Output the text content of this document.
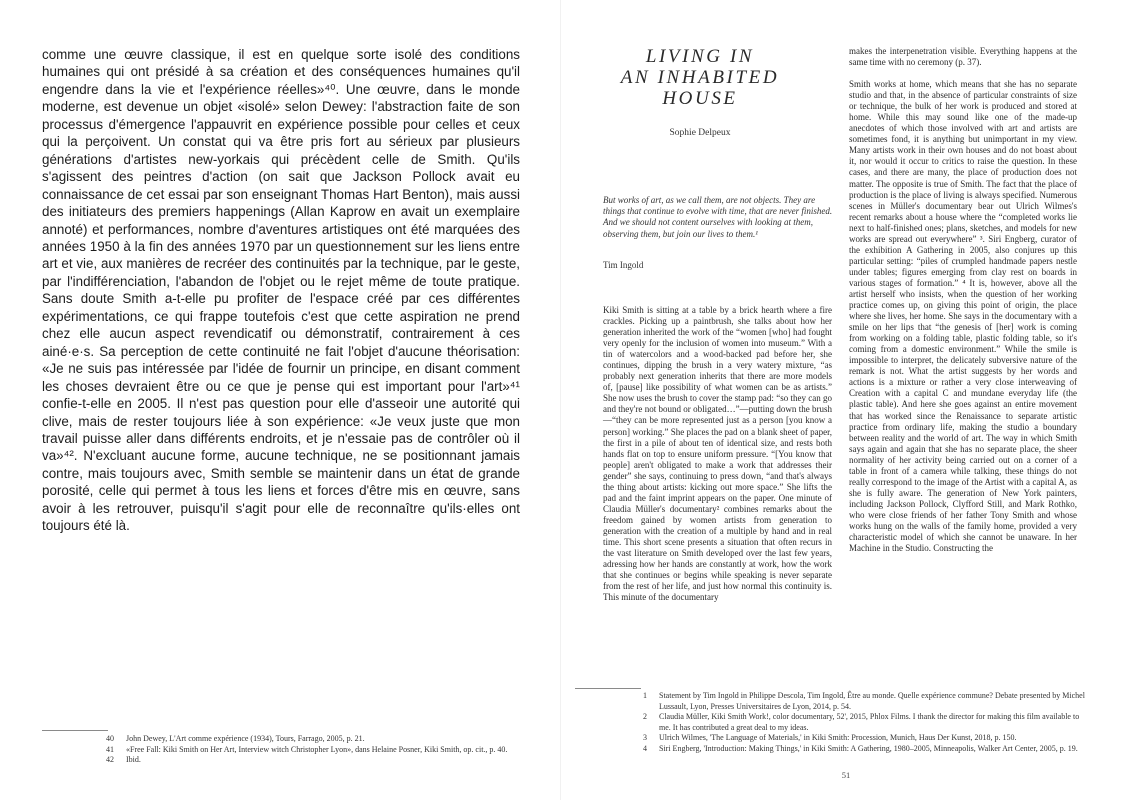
comme une œuvre classique, il est en quelque sorte isolé des conditions humaines qui ont présidé à sa création et des conséquences humaines qu'il engendre dans la vie et l'expérience réelles»⁴⁰. Une œuvre, dans le monde moderne, est devenue un objet «isolé» selon Dewey: l'abstraction faite de son processus d'émergence l'appauvrit en expérience possible pour celles et ceux qui la perçoivent. Un constat qui va être pris fort au sérieux par plusieurs générations d'artistes new-yorkais qui précèdent celle de Smith. Qu'ils s'agissent des peintres d'action (on sait que Jackson Pollock avait eu connaissance de cet essai par son enseignant Thomas Hart Benton), mais aussi des initiateurs des premiers happenings (Allan Kaprow en avait un exemplaire annoté) et performances, nombre d'aventures artistiques ont été marquées des années 1950 à la fin des années 1970 par un questionnement sur les liens entre art et vie, aux manières de recréer des continuités par la technique, par le geste, par l'indifférenciation, l'abandon de l'objet ou le rejet même de toute pratique. Sans doute Smith a-t-elle pu profiter de l'espace créé par ces différentes expérimentations, ce qui frappe toutefois c'est que cette aspiration ne prend chez elle aucun aspect revendicatif ou démonstratif, contrairement à ces ainé·e·s. Sa perception de cette continuité ne fait l'objet d'aucune théorisation: «Je ne suis pas intéressée par l'idée de fournir un principe, en disant comment les choses devraient être ou ce que je pense qui est important pour l'art»⁴¹ confie-t-elle en 2005. Il n'est pas question pour elle d'asseoir une autorité qui clive, mais de rester toujours liée à son expérience: «Je veux juste que mon travail puisse aller dans différents endroits, et je n'essaie pas de contrôler où il va»⁴². N'excluant aucune forme, aucune technique, ne se positionnant jamais contre, mais toujours avec, Smith semble se maintenir dans un état de grande porosité, celle qui permet à tous les liens et forces d'être mis en œuvre, sans avoir à les retrouver, puisqu'il s'agit pour elle de reconnaître qu'ils·elles ont toujours été là.

40	John Dewey, L'Art comme expérience (1934), Tours, Farrago, 2005, p. 21.
41	«Free Fall: Kiki Smith on Her Art, Interview witch Christopher Lyon», dans Helaine Posner, Kiki Smith, op. cit., p. 40.
42	Ibid.
LIVING IN
AN INHABITED
HOUSE
Sophie Delpeux
But works of art, as we call them, are not objects. They are things that continue to evolve with time, that are never finished. And we should not content ourselves with looking at them, observing them, but join our lives to them.¹
Tim Ingold

Kiki Smith is sitting at a table by a brick hearth where a fire crackles. Picking up a paintbrush, she talks about how her generation inherited the work of the “women [who] had fought very openly for the inclusion of women into museum.” With a tin of watercolors and a wood-backed pad before her, she continues, dipping the brush in a very watery mixture, “as probably next generation inherits that there are more models of, [pause] like possibility of what women can be as artists.” She now uses the brush to cover the stamp pad: “so they can go and they're not bound or obligated…”—putting down the brush—“they can be more represented just as a person [you know a person] working.” She places the pad on a blank sheet of paper, the first in a pile of about ten of identical size, and rests both hands flat on top to ensure uniform pressure. “[You know that people] aren't obligated to make a work that addresses their gender” she says, continuing to press down, “and that's always the thing about artists: kicking out more space.” She lifts the pad and the faint imprint appears on the paper. One minute of Claudia Müller's documentary² combines remarks about the freedom gained by women artists from generation to generation with the creation of a multiple by hand and in real time. This short scene presents a situation that often recurs in the vast literature on Smith developed over the last few years, adressing how her hands are constantly at work, how the work that she continues or begins while speaking is never separate from the rest of her life, and just how normal this continuity is. This minute of the documentary

makes the interpenetration visible. Everything happens at the same time with no ceremony (p. 37).

Smith works at home, which means that she has no separate studio and that, in the absence of particular constraints of size or technique, the bulk of her work is produced and stored at home. While this may sound like one of the made-up anecdotes of which those involved with art and artists are sometimes fond, it is anything but unimportant in my view. Many artists work in their own houses and do not boast about it, nor would it occur to critics to raise the question. In these cases, and there are many, the place of production does not matter. The opposite is true of Smith. The fact that the place of production is the place of living is always specified. Numerous scenes in Müller's documentary bear out Ulrich Wilmes's recent remarks about a house where the “completed works lie next to half-finished ones; plans, sketches, and models for new works are spread out everywhere” ³. Siri Engberg, curator of the exhibition A Gathering in 2005, also conjures up this particular setting: “piles of crumpled handmade papers nestle under tables; figures emerging from clay rest on boards in various stages of formation.” ⁴ It is, however, above all the artist herself who insists, when the question of her working practice comes up, on giving this point of origin, the place where she lives, her home. She says in the documentary with a smile on her lips that “the genesis of [her] work is coming from working on a folding table, plastic folding table, so it's coming from a domestic environment.” While the smile is impossible to interpret, the delicately subversive nature of the remark is not. What the artist suggests by her words and actions is a mixture or rather a very close interweaving of Creation with a capital C and mundane everyday life (the plastic table). And here she goes against an entire movement that has worked since the Renaissance to separate artistic practice from ordinary life, making the studio a boundary between reality and the world of art. The way in which Smith says again and again that she has no separate place, the sheer normality of her activity being carried out on a corner of a table in front of a camera while talking, these things do not really correspond to the image of the Artist with a capital A, as she is fully aware. The generation of New York painters, including Jackson Pollock, Clyfford Still, and Mark Rothko, who were close friends of her father Tony Smith and whose works hung on the walls of the family home, provided a very characteristic model of which she cannot be unaware. In her Machine in the Studio. Constructing the

1	Statement by Tim Ingold in Philippe Descola, Tim Ingold, Être au monde. Quelle expérience commune? Debate presented by Michel Lussault, Lyon, Presses Universitaires de Lyon, 2014, p. 54.
2	Claudia Müller, Kiki Smith Work!, color documentary, 52', 2015, Phlox Films. I thank the director for making this film available to me. It has contributed a great deal to my ideas.
3	Ulrich Wilmes, 'The Language of Materials,' in Kiki Smith: Procession, Munich, Haus Der Kunst, 2018, p. 150.
4	Siri Engberg, 'Introduction: Making Things,' in Kiki Smith: A Gathering, 1980–2005, Minneapolis, Walker Art Center, 2005, p. 19.
51
